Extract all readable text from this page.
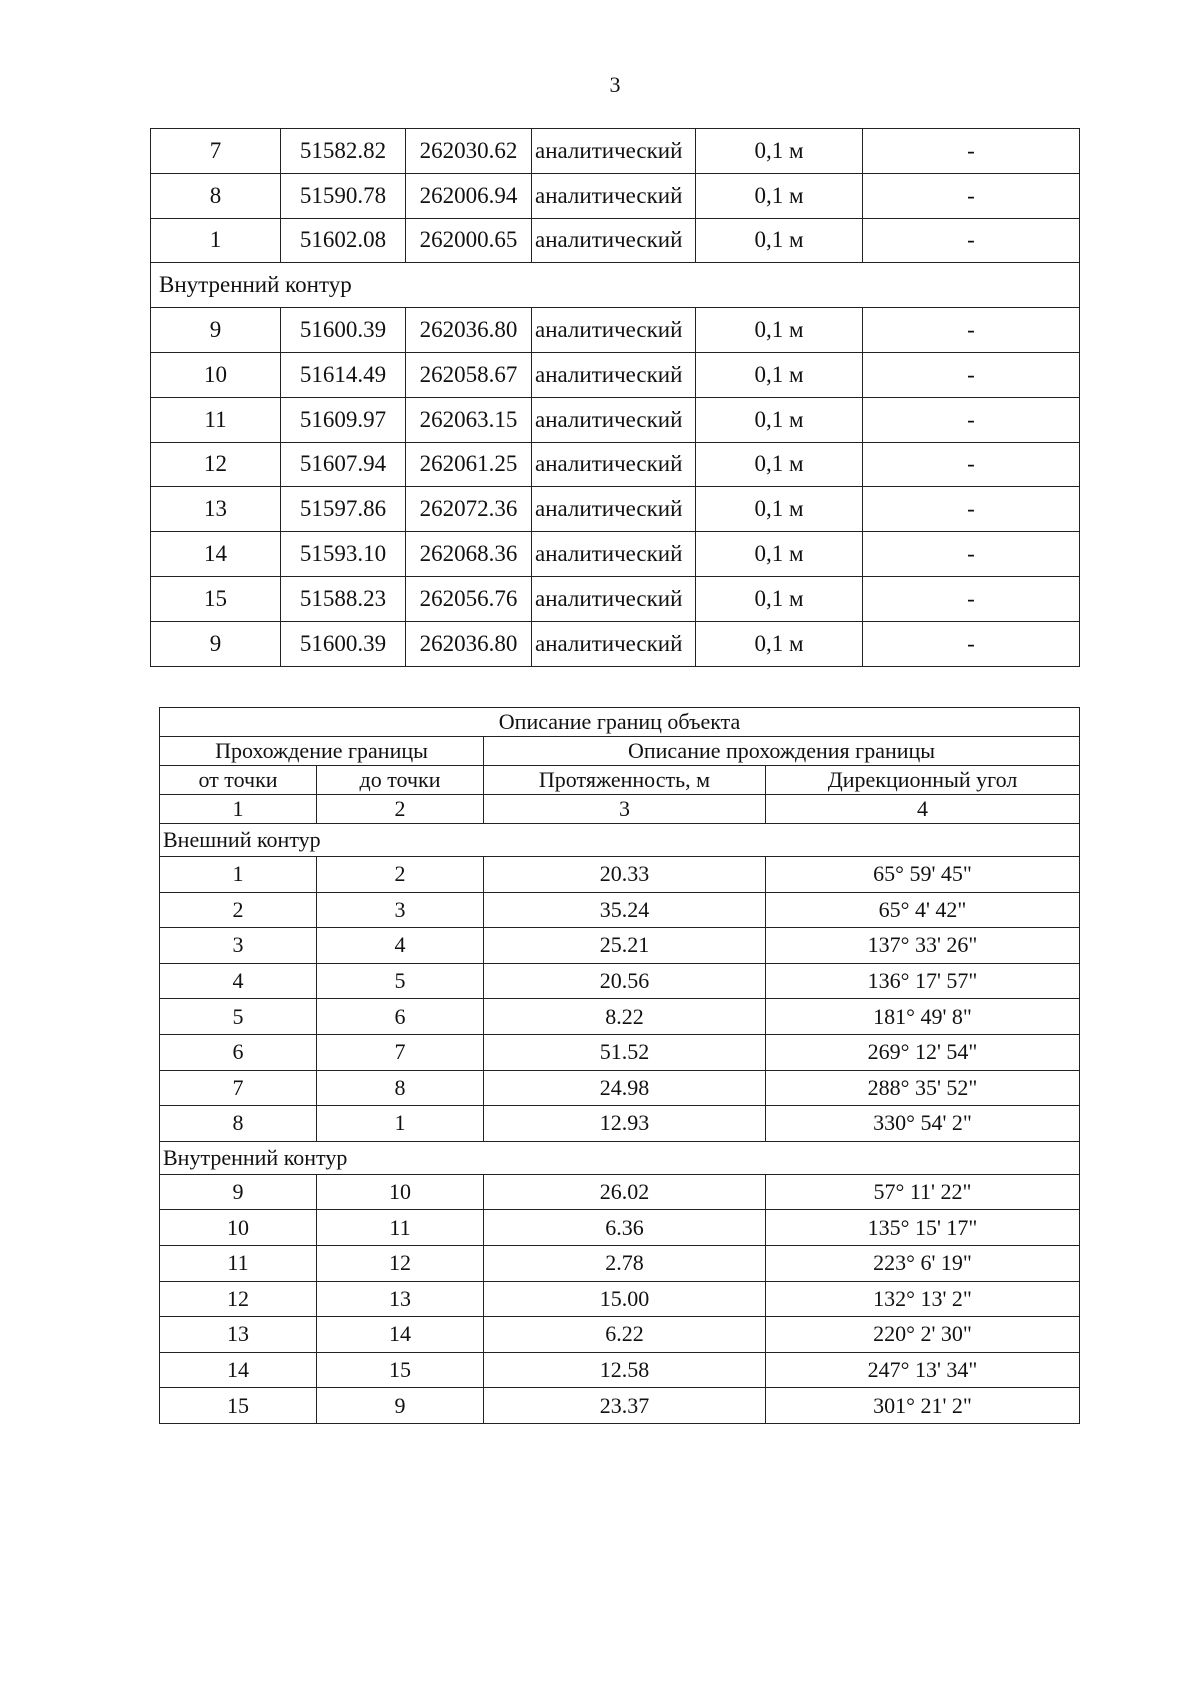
3
7	51582.82	262030.62	аналитический	0,1 м	-
8	51590.78	262006.94	аналитический	0,1 м	-
1	51602.08	262000.65	аналитический	0,1 м	-
Внутренний контур					
9	51600.39	262036.80	аналитический	0,1 м	-
10	51614.49	262058.67	аналитический	0,1 м	-
11	51609.97	262063.15	аналитический	0,1 м	-
12	51607.94	262061.25	аналитический	0,1 м	-
13	51597.86	262072.36	аналитический	0,1 м	-
14	51593.10	262068.36	аналитический	0,1 м	-
15	51588.23	262056.76	аналитический	0,1 м	-
9	51600.39	262036.80	аналитический	0,1 м	-
Описание границ объекта			
Прохождение границы		Описание прохождения границы	
от точки	до точки	Протяженность, м	Дирекционный угол
1	2	3	4
Внешний контур			
1	2	20.33	65° 59' 45"
2	3	35.24	65° 4' 42"
3	4	25.21	137° 33' 26"
4	5	20.56	136° 17' 57"
5	6	8.22	181° 49' 8"
6	7	51.52	269° 12' 54"
7	8	24.98	288° 35' 52"
8	1	12.93	330° 54' 2"
Внутренний контур			
9	10	26.02	57° 11' 22"
10	11	6.36	135° 15' 17"
11	12	2.78	223° 6' 19"
12	13	15.00	132° 13' 2"
13	14	6.22	220° 2' 30"
14	15	12.58	247° 13' 34"
15	9	23.37	301° 21' 2"
